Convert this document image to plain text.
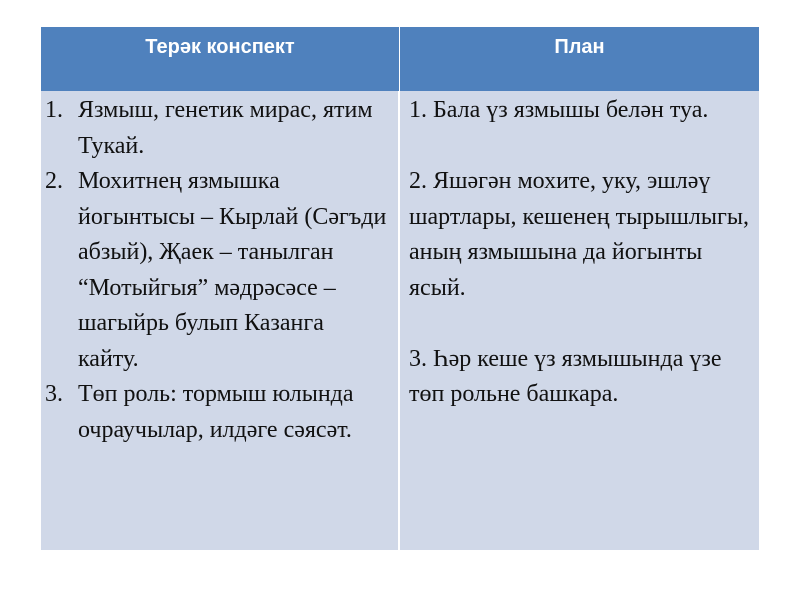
Терәк конспект	План
1. Язмыш, генетик мирас, ятим Тукай.
2. Мохитнең язмышка йогынтысы – Кырлай (Сәгъди абзый), Җаек – танылган “Мотыйгыя” мәдрәсәсе – шагыйрь булып Казанга кайту.
3. Төп роль: тормыш юлында очраучылар, илдәге сәясәт.

1. Бала үз язмышы белән туа.

2. Яшәгән мохите, уку, эшләү шартлары, кешенең тырышлыгы, аның язмышына да йогынты ясый.

3. Һәр кеше үз язмышында үзе төп рольне башкара.
